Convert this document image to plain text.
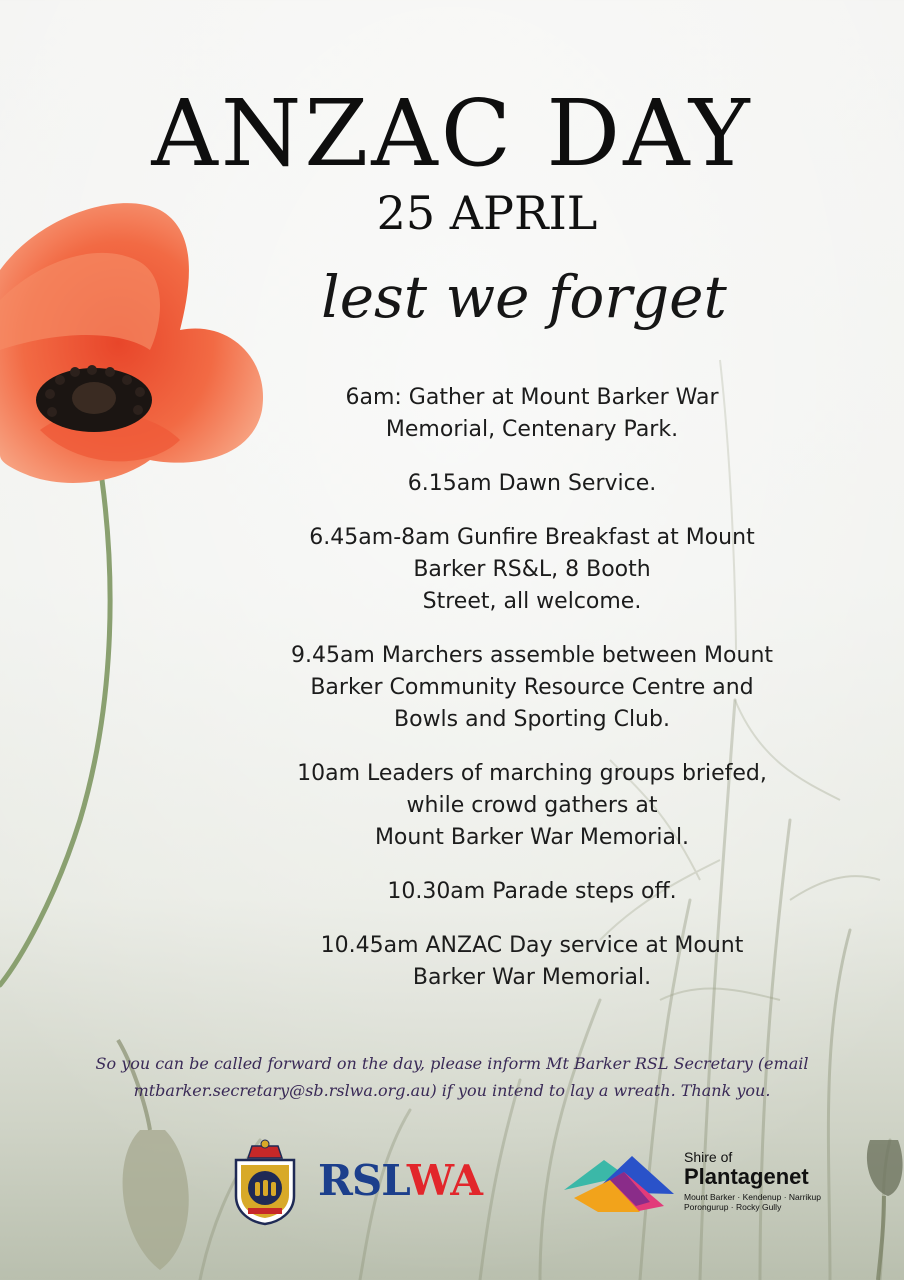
ANZAC DAY
25 APRIL
lest we forget
6am: Gather at Mount Barker War
Memorial, Centenary Park.
6.15am Dawn Service.
6.45am-8am Gunfire Breakfast at Mount
Barker RS&L, 8 Booth
Street, all welcome.
9.45am Marchers assemble between Mount
Barker Community Resource Centre and
Bowls and Sporting Club.
10am Leaders of marching groups briefed,
while crowd gathers at
Mount Barker War Memorial.
10.30am Parade steps off.
10.45am ANZAC Day service at Mount
Barker War Memorial.
So you can be called forward on the day, please inform Mt Barker RSL Secretary (email
mtbarker.secretary@sb.rslwa.org.au) if you intend to lay a wreath. Thank you.
RSLWA	Shire of
Plantagenet
Mount Barker · Kendenup · Narrikup
Porongurup · Rocky Gully
